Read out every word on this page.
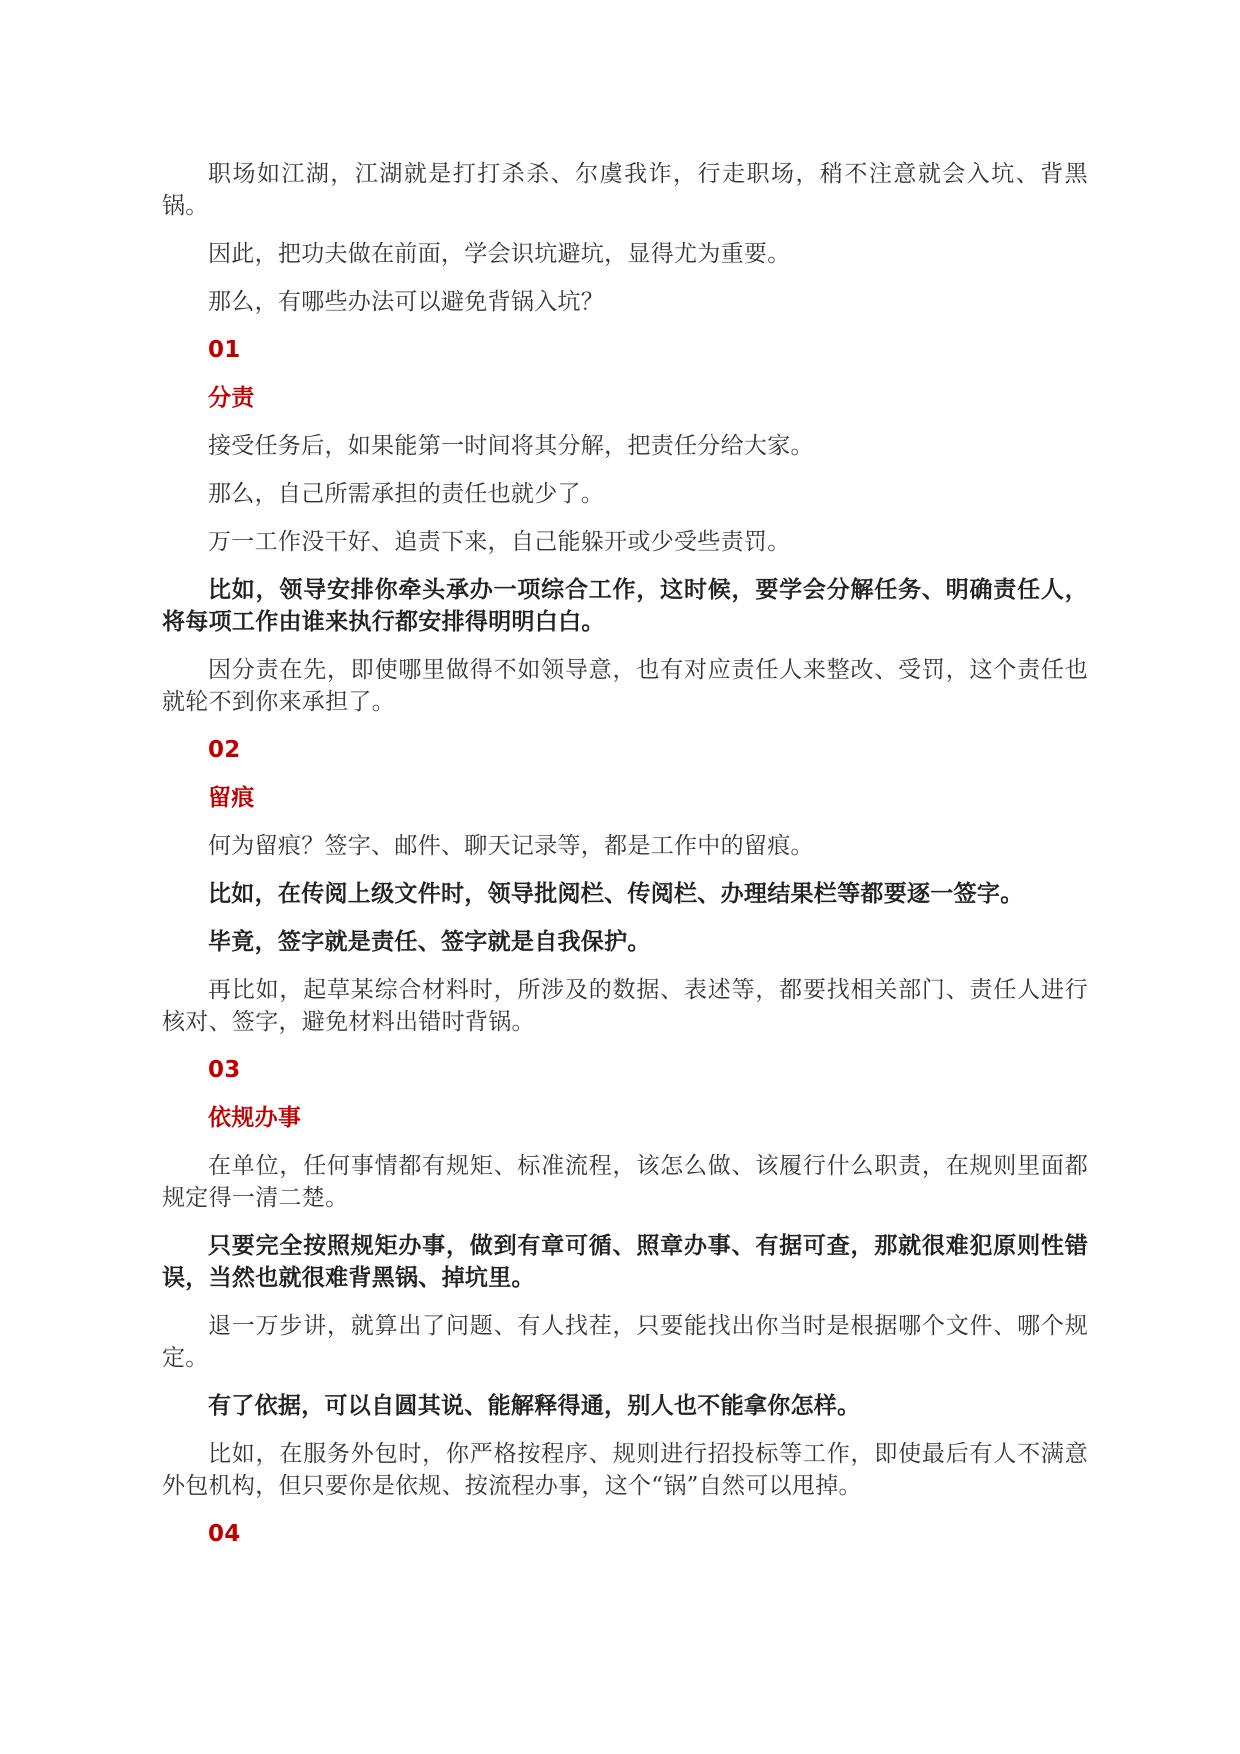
职场如江湖，江湖就是打打杀杀、尔虞我诈，行走职场，稍不注意就会入坑、背黑锅。

因此，把功夫做在前面，学会识坑避坑，显得尤为重要。

那么，有哪些办法可以避免背锅入坑？

01

分责

接受任务后，如果能第一时间将其分解，把责任分给大家。

那么，自己所需承担的责任也就少了。

万一工作没干好、追责下来，自己能躲开或少受些责罚。

比如，领导安排你牵头承办一项综合工作，这时候，要学会分解任务、明确责任人，将每项工作由谁来执行都安排得明明白白。

因分责在先，即使哪里做得不如领导意，也有对应责任人来整改、受罚，这个责任也就轮不到你来承担了。

02

留痕

何为留痕？签字、邮件、聊天记录等，都是工作中的留痕。

比如，在传阅上级文件时，领导批阅栏、传阅栏、办理结果栏等都要逐一签字。

毕竟，签字就是责任、签字就是自我保护。

再比如，起草某综合材料时，所涉及的数据、表述等，都要找相关部门、责任人进行核对、签字，避免材料出错时背锅。

03

依规办事

在单位，任何事情都有规矩、标准流程，该怎么做、该履行什么职责，在规则里面都规定得一清二楚。

只要完全按照规矩办事，做到有章可循、照章办事、有据可查，那就很难犯原则性错误，当然也就很难背黑锅、掉坑里。

退一万步讲，就算出了问题、有人找茬，只要能找出你当时是根据哪个文件、哪个规定。

有了依据，可以自圆其说、能解释得通，别人也不能拿你怎样。

比如，在服务外包时，你严格按程序、规则进行招投标等工作，即使最后有人不满意外包机构，但只要你是依规、按流程办事，这个“锅”自然可以甩掉。

04
